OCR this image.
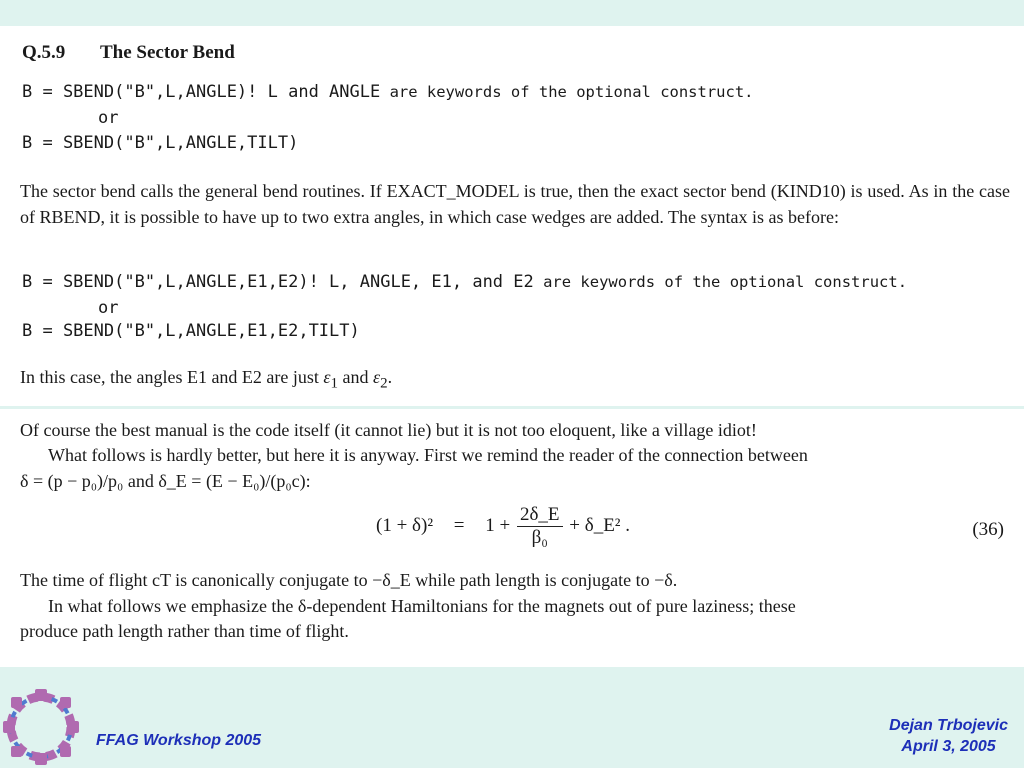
Q.5.9 The Sector Bend
B = SBEND("B",L,ANGLE)! L and ANGLE are keywords of the optional construct.
or
B = SBEND("B",L,ANGLE,TILT)
The sector bend calls the general bend routines. If EXACT_MODEL is true, then the exact sector bend (KIND10) is used. As in the case of RBEND, it is possible to have up to two extra angles, in which case wedges are added. The syntax is as before:
B = SBEND("B",L,ANGLE,E1,E2)! L, ANGLE, E1, and E2 are keywords of the optional construct.
or
B = SBEND("B",L,ANGLE,E1,E2,TILT)
In this case, the angles E1 and E2 are just $\varepsilon_1$ and $\varepsilon_2$.
Of course the best manual is the code itself (it cannot lie) but it is not too eloquent, like a village idiot!
What follows is hardly better, but here it is anyway. First we remind the reader of the connection between
δ = (p − p₀)/p₀ and δ_E = (E − E₀)/(p₀c):
$(1 + \delta)^2 = 1 + \frac{2\delta\_E}{\text{β₀}}$ + δ_E² .	(36)
The time of flight cT is canonically conjugate to −δ_E while path length is conjugate to −δ.
In what follows we emphasize the δ-dependent Hamiltonians for the magnets out of pure laziness; these
produce path length rather than time of flight.
FFAG Workshop 2005
Dejan Trbojevic
April 3, 2005
